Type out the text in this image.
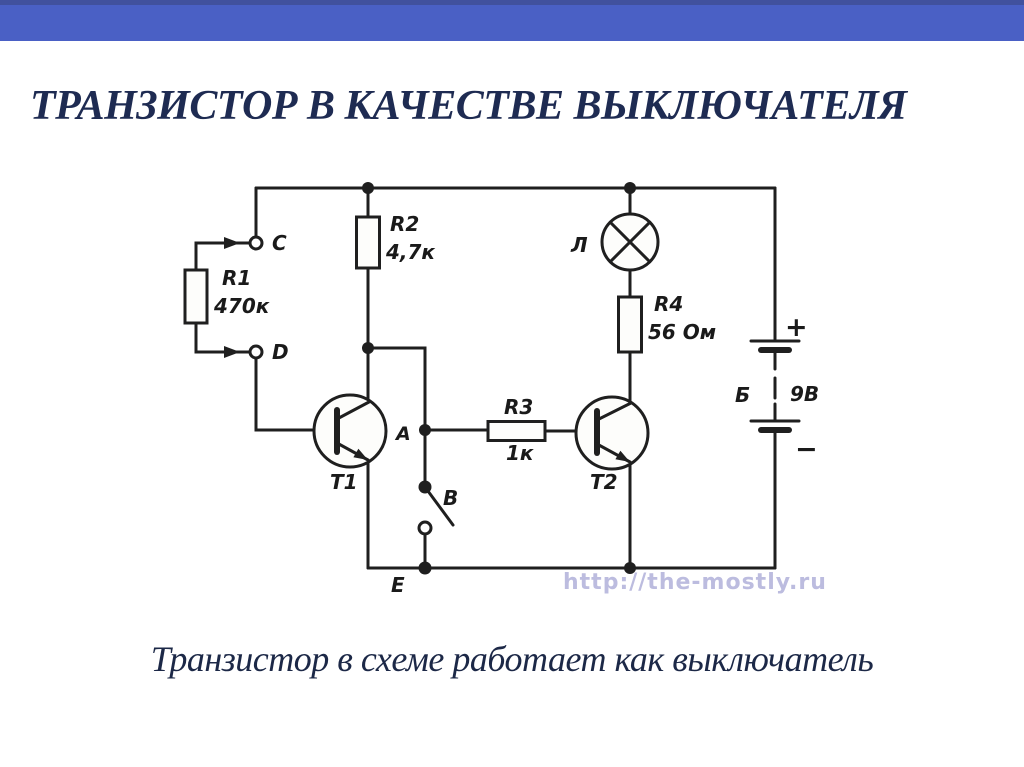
ТРАНЗИСТОР В КАЧЕСТВЕ ВЫКЛЮЧАТЕЛЯ
R1
470к
C
D
R2
4,7к
T1
A
B
E
R3
1к
T2
Л
R4
56 Ом	+
−
Б 9В
http://the-mostly.ru
Транзистор в схеме работает как выключатель
